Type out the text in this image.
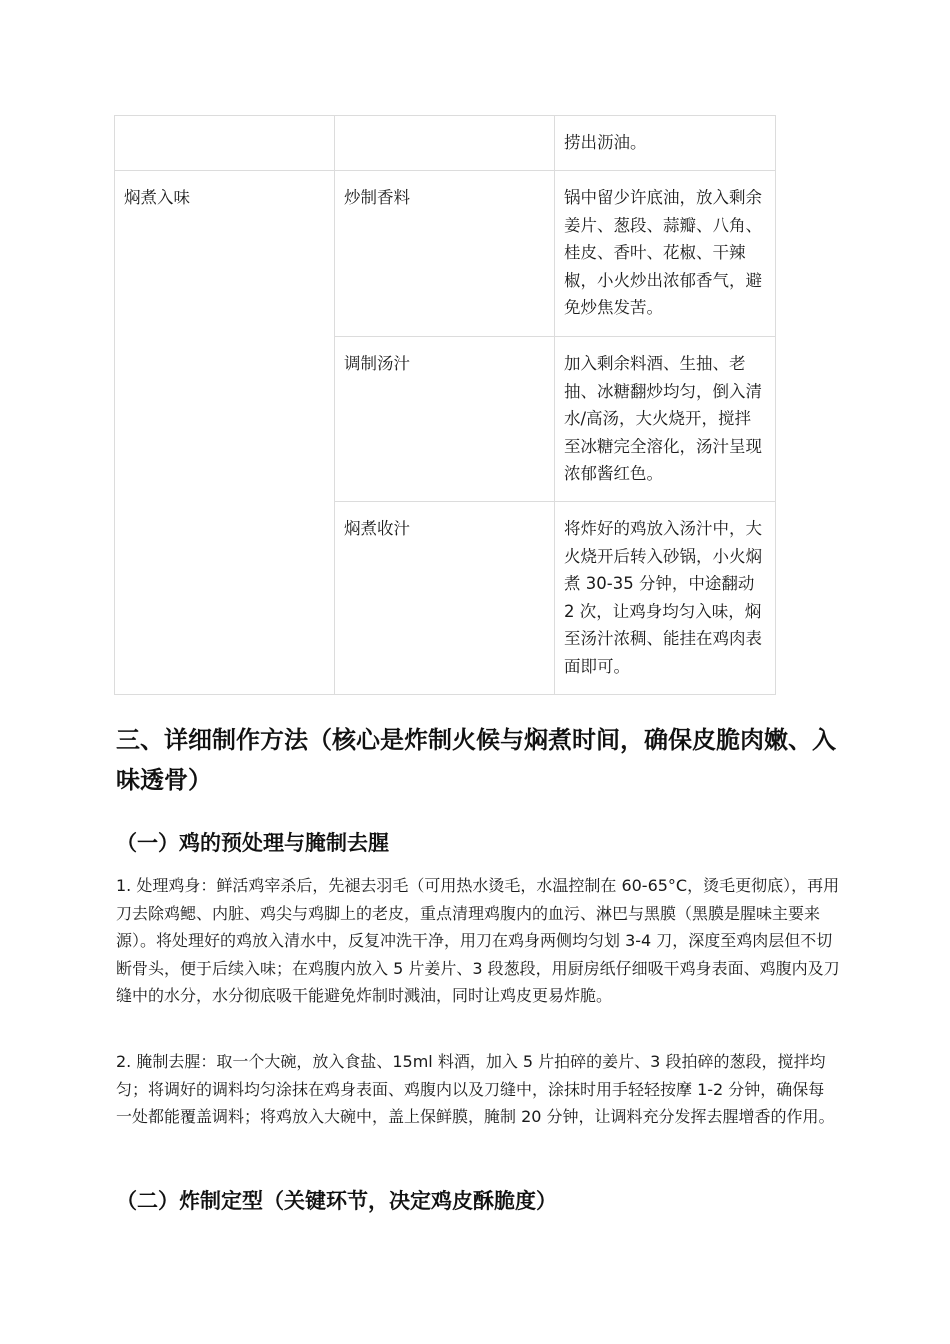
		捞出沥油。
焖煮入味	炒制香料	锅中留少许底油，放入剩余姜片、葱段、蒜瓣、八角、桂皮、香叶、花椒、干辣椒，小火炒出浓郁香气，避免炒焦发苦。
	调制汤汁	加入剩余料酒、生抽、老抽、冰糖翻炒均匀，倒入清水/高汤，大火烧开，搅拌至冰糖完全溶化，汤汁呈现浓郁酱红色。
	焖煮收汁	将炸好的鸡放入汤汁中，大火烧开后转入砂锅，小火焖煮 30-35 分钟，中途翻动 2 次，让鸡身均匀入味，焖至汤汁浓稠、能挂在鸡肉表面即可。
三、详细制作方法（核心是炸制火候与焖煮时间，确保皮脆肉嫩、入味透骨）
（一）鸡的预处理与腌制去腥

1. 处理鸡身：鲜活鸡宰杀后，先褪去羽毛（可用热水烫毛，水温控制在 60-65°C，烫毛更彻底），再用刀去除鸡鳃、内脏、鸡尖与鸡脚上的老皮，重点清理鸡腹内的血污、淋巴与黑膜（黑膜是腥味主要来源）。将处理好的鸡放入清水中，反复冲洗干净，用刀在鸡身两侧均匀划 3-4 刀，深度至鸡肉层但不切断骨头，便于后续入味；在鸡腹内放入 5 片姜片、3 段葱段，用厨房纸仔细吸干鸡身表面、鸡腹内及刀缝中的水分，水分彻底吸干能避免炸制时溅油，同时让鸡皮更易炸脆。

2. 腌制去腥：取一个大碗，放入食盐、15ml 料酒，加入 5 片拍碎的姜片、3 段拍碎的葱段，搅拌均匀；将调好的调料均匀涂抹在鸡身表面、鸡腹内以及刀缝中，涂抹时用手轻轻按摩 1-2 分钟，确保每一处都能覆盖调料；将鸡放入大碗中，盖上保鲜膜，腌制 20 分钟，让调料充分发挥去腥增香的作用。

（二）炸制定型（关键环节，决定鸡皮酥脆度）
